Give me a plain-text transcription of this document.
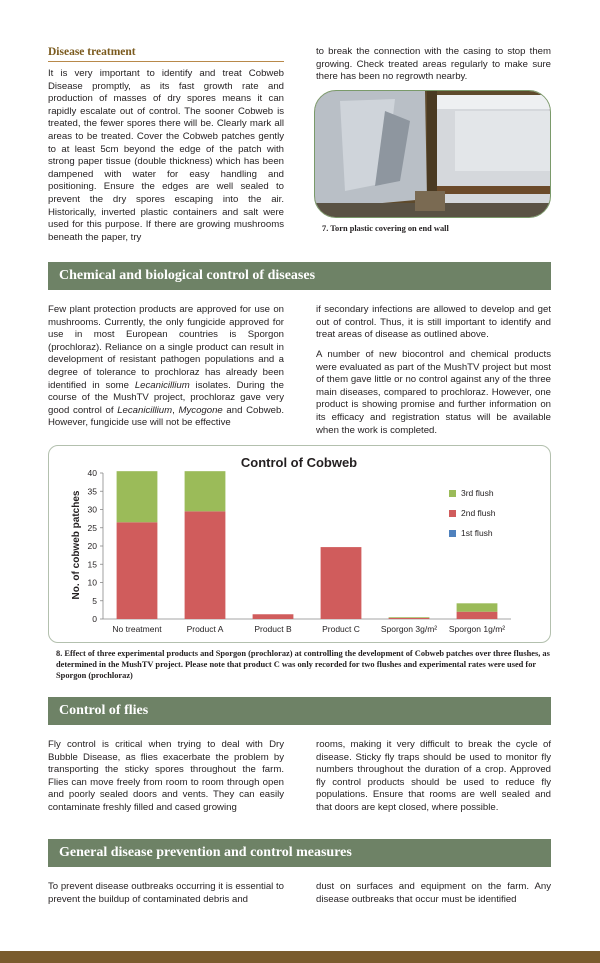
Disease treatment

It is very important to identify and treat Cobweb Disease promptly, as its fast growth rate and production of masses of dry spores means it can rapidly escalate out of control. The sooner Cobweb is treated, the fewer spores there will be. Clearly mark all areas to be treated. Cover the Cobweb patches gently to at least 5cm beyond the edge of the patch with strong paper tissue (double thickness) which has been dampened with water for easy handling and positioning. Ensure the edges are well sealed to prevent the dry spores escaping into the air. Historically, inverted plastic containers and salt were used for this purpose. If there are growing mushrooms beneath the paper, try

to break the connection with the casing to stop them growing. Check treated areas regularly to make sure there has been no regrowth nearby.

7. Torn plastic covering on end wall
Chemical and biological control of diseases

Few plant protection products are approved for use on mushrooms. Currently, the only fungicide approved for use in most European countries is Sporgon (prochloraz). Reliance on a single product can result in development of resistant pathogen populations and a degree of tolerance to prochloraz has already been identified in some Lecanicillium isolates. During the course of the MushTV project, prochloraz gave very good control of Lecanicillium, Mycogone and Cobweb. However, fungicide use will not be effective

if secondary infections are allowed to develop and get out of control. Thus, it is still important to identify and treat areas of disease as outlined above.

A number of new biocontrol and chemical products were evaluated as part of the MushTV project but most of them gave little or no control against any of the three main diseases, compared to prochloraz. However, one product is showing promise and further information on its efficacy and registration status will be available when the work is completed.

Control of Cobweb
No. of cobweb patches
0
5
10
15
20
25
30
35
40
No treatment	Product A	Product B	Product C Sporgon 3g/m² Sporgon 1g/m²
3rd flush
2nd flush
1st flush

8. Effect of three experimental products and Sporgon (prochloraz) at controlling the development of Cobweb patches over three flushes, as determined in the MushTV project. Please note that product C was only recorded for two flushes and experimental rates were used for Sporgon (prochloraz)

Control of flies

Fly control is critical when trying to deal with Dry Bubble Disease, as flies exacerbate the problem by transporting the sticky spores throughout the farm. Flies can move freely from room to room through open and poorly sealed doors and vents. They can easily contaminate freshly filled and cased growing

rooms, making it very difficult to break the cycle of disease. Sticky fly traps should be used to monitor fly numbers throughout the duration of a crop. Approved fly control products should be used to reduce fly populations. Ensure that rooms are well sealed and that doors are kept closed, where possible.

General disease prevention and control measures

To prevent disease outbreaks occurring it is essential to prevent the buildup of contaminated debris and

dust on surfaces and equipment on the farm. Any disease outbreaks that occur must be identified
